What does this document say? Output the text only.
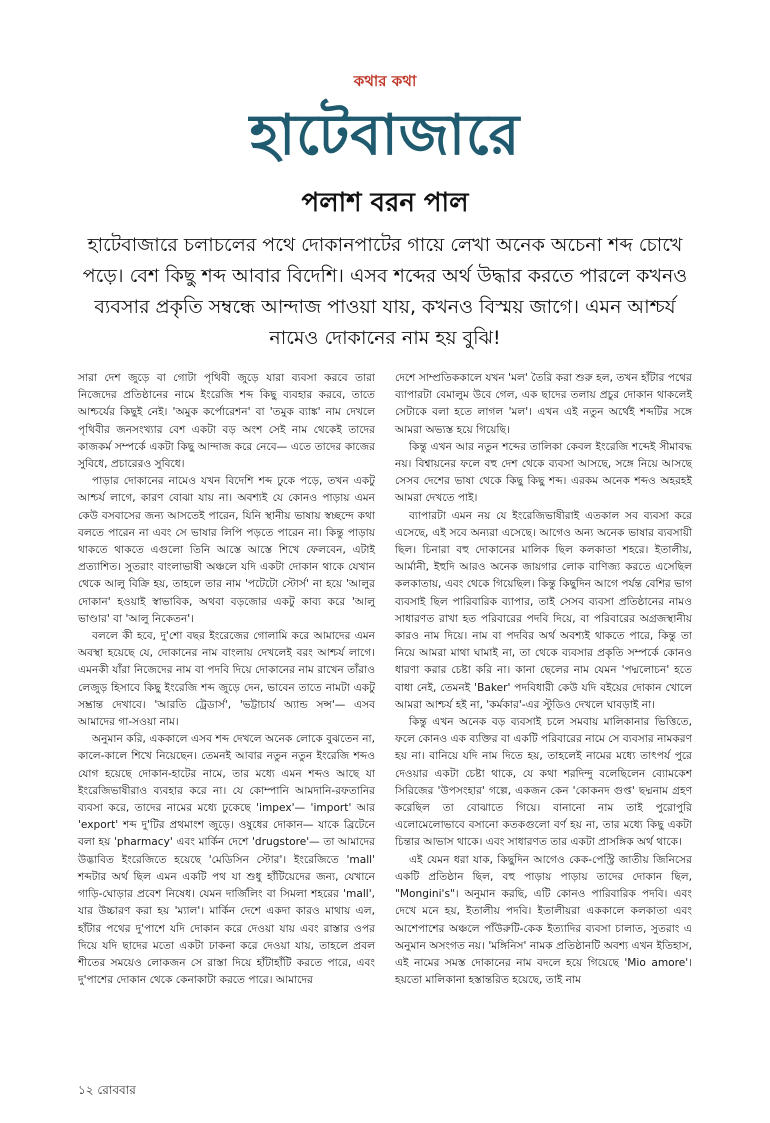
কথার কথা
হাটেবাজারে
পলাশ বরন পাল
হাটেবাজারে চলাচলের পথে দোকানপাটের গায়ে লেখা অনেক অচেনা শব্দ চোখে পড়ে। বেশ কিছু শব্দ আবার বিদেশি। এসব শব্দের অর্থ উদ্ধার করতে পারলে কখনও ব্যবসার প্রকৃতি সম্বন্ধে আন্দাজ পাওয়া যায়, কখনও বিস্ময় জাগে। এমন আশ্চর্য নামেও দোকানের নাম হয় বুঝি!

সারা দেশ জুড়ে বা গোটা পৃথিবী জুড়ে যারা ব্যবসা করবে তারা নিজেদের প্রতিষ্ঠানের নামে ইংরেজি শব্দ কিছু ব্যবহার করবে, তাতে আশ্চর্যের কিছুই নেই। 'অমুক কর্পোরেশন' বা 'তমুক ব্যাঙ্ক' নাম দেখলে পৃথিবীর জনসংখ্যার বেশ একটা বড় অংশ সেই নাম থেকেই তাদের কাজকর্ম সম্পর্কে একটা কিছু আন্দাজ করে নেবে— এতে তাদের কাজের সুবিধে, প্রচারেরও সুবিধে।

পাড়ার দোকানের নামেও যখন বিদেশি শব্দ ঢুকে পড়ে, তখন একটু আশ্চর্য লাগে, কারণ বোঝা যায় না। অবশ্যই যে কোনও পাড়ায় এমন কেউ বসবাসের জন্য আসতেই পারেন, যিনি স্থানীয় ভাষায় স্বচ্ছন্দে কথা বলতে পারেন না এবং সে ভাষার লিপি পড়তে পারেন না। কিন্তু পাড়ায় থাকতে থাকতে এগুলো তিনি আস্তে আস্তে শিখে ফেলবেন, এটাই প্রত্যাশিত। সুতরাং বাংলাভাষী অঞ্চলে যদি একটা দোকান থাকে যেখান থেকে আলু বিক্রি হয়, তাহলে তার নাম 'পটেটো স্টোর্স' না হয়ে 'আলুর দোকান' হওয়াই স্বাভাবিক, অথবা বড়জোর একটু কাব্য করে 'আলু ভাণ্ডার' বা 'আলু নিকেতন'।

বললে কী হবে, দু'শো বছর ইংরেজের গোলামি করে আমাদের এমন অবস্থা হয়েছে যে, দোকানের নাম বাংলায় দেখলেই বরং আশ্চর্য লাগে। এমনকী যাঁরা নিজেদের নাম বা পদবি দিয়ে দোকানের নাম রাখেন তাঁরাও লেজুড় হিসাবে কিছু ইংরেজি শব্দ জুড়ে দেন, ভাবেন তাতে নামটা একটু সম্ভ্রান্ত দেখাবে। 'আরতি ট্রেডার্স', 'ভট্টাচার্য অ্যান্ড সন্স'— এসব আমাদের গা-সওয়া নাম।

অনুমান করি, এককালে এসব শব্দ দেখলে অনেক লোকে বুঝতেন না, কালে-কালে শিখে নিয়েছেন। তেমনই আবার নতুন নতুন ইংরেজি শব্দও যোগ হয়েছে দোকান-হাটের নামে, তার মধ্যে এমন শব্দও আছে যা ইংরেজিভাষীরাও ব্যবহার করে না। যে কোম্পানি আমদানি-রফতানির ব্যবসা করে, তাদের নামের মধ্যে ঢুকেছে 'impex'— 'import' আর 'export' শব্দ দু'টির প্রথমাংশ জুড়ে। ওষুধের দোকান— যাকে ব্রিটেনে বলা হয় 'pharmacy' এবং মার্কিন দেশে 'drugstore'— তা আমাদের উদ্ভাবিত ইংরেজিতে হয়েছে 'মেডিসিন স্টোর'। ইংরেজিতে 'mall' শব্দটার অর্থ ছিল এমন একটি পথ যা শুধু হাঁটিয়েদের জন্য, যেখানে গাড়ি-ঘোড়ার প্রবেশ নিষেধ। যেমন দার্জিলিং বা সিমলা শহরের 'mall', যার উচ্চারণ করা হয় 'ম্যাল'। মার্কিন দেশে একদা কারও মাথায় এল, হাঁটার পথের দু'পাশে যদি দোকান করে দেওয়া যায় এবং রাস্তার ওপর দিয়ে যদি ছাদের মতো একটা ঢাকনা করে দেওয়া যায়, তাহলে প্রবল শীতের সময়েও লোকজন সে রাস্তা দিয়ে হাঁটাহাঁটি করতে পারে, এবং দু'পাশের দোকান থেকে কেনাকাটা করতে পারে। আমাদের

দেশে সাম্প্রতিককালে যখন 'মল' তৈরি করা শুরু হল, তখন হাঁটার পথের ব্যাপারটা বেমালুম উবে গেল, এক ছাদের তলায় প্রচুর দোকান থাকলেই সেটাকে বলা হতে লাগল 'মল'। এখন এই নতুন অর্থেই শব্দটির সঙ্গে আমরা অভ্যস্ত হয়ে গিয়েছি।

কিন্তু এখন আর নতুন শব্দের তালিকা কেবল ইংরেজি শব্দেই সীমাবদ্ধ নয়। বিশ্বায়নের ফলে বহু দেশ থেকে ব্যবসা আসছে, সঙ্গে নিয়ে আসছে সেসব দেশের ভাষা থেকে কিছু কিছু শব্দ। এরকম অনেক শব্দও অহরহই আমরা দেখতে পাই।

ব্যাপারটা এমন নয় যে ইংরেজিভাষীরাই এতকাল সব ব্যবসা করে এসেছে, এই সবে অন্যরা এসেছে। আগেও অন্য অনেক ভাষার ব্যবসায়ী ছিল। চিনারা বহু দোকানের মালিক ছিল কলকাতা শহরে। ইতালীয়, আর্মানী, ইহুদি আরও অনেক জায়গার লোক বাণিজ্য করতে এসেছিল কলকাতায়, এবং থেকে গিয়েছিল। কিন্তু কিছুদিন আগে পর্যন্ত বেশির ভাগ ব্যবসাই ছিল পারিবারিক ব্যাপার, তাই সেসব ব্যবসা প্রতিষ্ঠানের নামও সাধারণত রাখা হত পরিবারের পদবি দিয়ে, বা পরিবারের অগ্রজস্থানীয় কারও নাম দিয়ে। নাম বা পদবির অর্থ অবশ্যই থাকতে পারে, কিন্তু তা নিয়ে আমরা মাথা ঘামাই না, তা থেকে ব্যবসার প্রকৃতি সম্পর্কে কোনও ধারণা করার চেষ্টা করি না। কানা ছেলের নাম যেমন 'পদ্মলোচন' হতে বাধা নেই, তেমনই 'Baker' পদবিধারী কেউ যদি বইয়ের দোকান খোলে আমরা আশ্চর্য হই না, 'কর্মকার'-এর স্টুডিও দেখলে ঘাবড়াই না।

কিন্তু এখন অনেক বড় ব্যবসাই চলে সমবায় মালিকানার ভিত্তিতে, ফলে কোনও এক ব্যক্তির বা একটি পরিবারের নামে সে ব্যবসার নামকরণ হয় না। বানিয়ে যদি নাম দিতে হয়, তাহলেই নামের মধ্যে তাৎপর্য পুরে দেওয়ার একটা চেষ্টা থাকে, যে কথা শরদিন্দু বলেছিলেন ব্যোমকেশ সিরিজের 'উপসংহার' গল্পে, একজন কেন 'কোকনদ গুপ্ত' ছদ্মনাম গ্রহণ করেছিল তা বোঝাতে গিয়ে। বানানো নাম তাই পুরোপুরি এলোমেলোভাবে বসানো কতকগুলো বর্ণ হয় না, তার মধ্যে কিছু একটা চিন্তার আভাস থাকে। এবং সাধারণত তার একটা প্রাসঙ্গিক অর্থ থাকে।

এই যেমন ধরা যাক, কিছুদিন আগেও কেক-পেস্ট্রি জাতীয় জিনিসের একটি প্রতিষ্ঠান ছিল, বহু পাড়ায় পাড়ায় তাদের দোকান ছিল, "Mongini's"। অনুমান করছি, এটি কোনও পারিবারিক পদবি। এবং দেখে মনে হয়, ইতালীয় পদবি। ইতালীয়রা এককালে কলকাতা এবং আশেপাশের অঞ্চলে পাঁউরুটি-কেক ইত্যাদির ব্যবসা চালাত, সুতরাং এ অনুমান অসংগত নয়। 'মঙ্গিনিস' নামক প্রতিষ্ঠানটি অবশ্য এখন ইতিহাস, এই নামের সমস্ত দোকানের নাম বদলে হয়ে গিয়েছে 'Mio amore'। হয়তো মালিকানা হস্তান্তরিত হয়েছে, তাই নাম

১২ রোববার
